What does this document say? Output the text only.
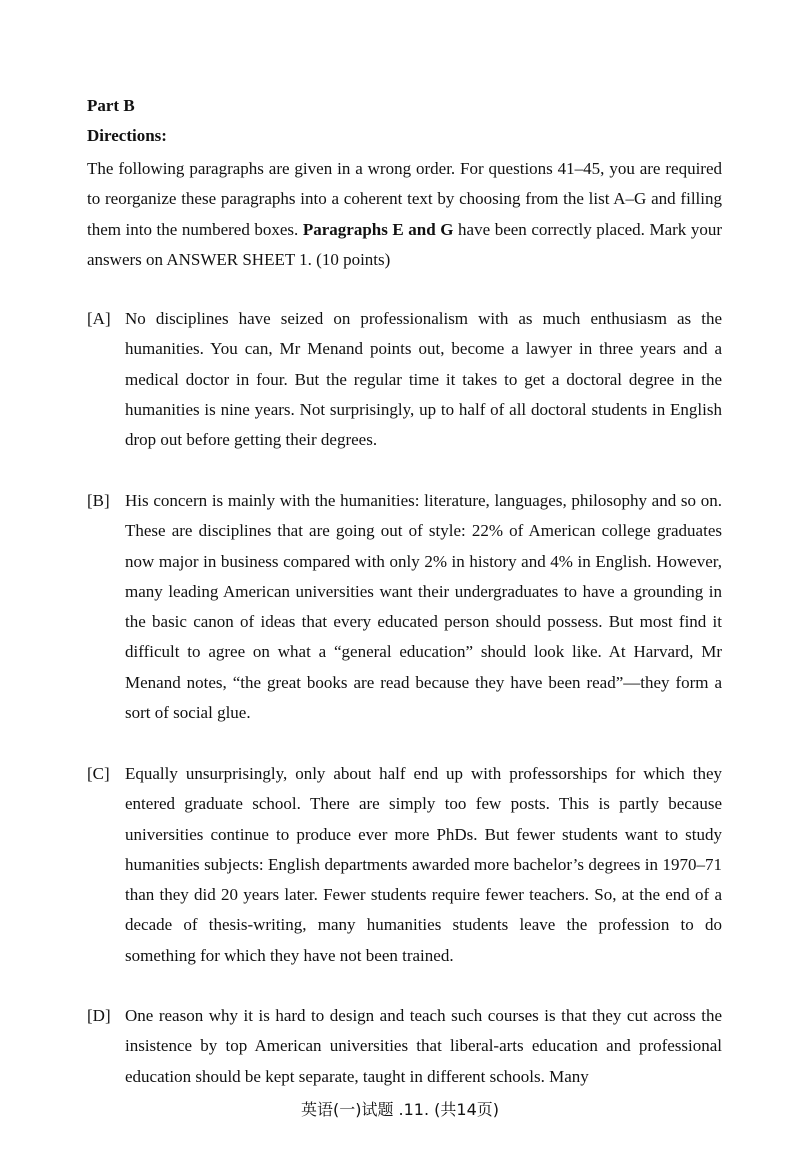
Part B
Directions:
The following paragraphs are given in a wrong order. For questions 41–45, you are required to reorganize these paragraphs into a coherent text by choosing from the list A–G and filling them into the numbered boxes. Paragraphs E and G have been correctly placed. Mark your answers on ANSWER SHEET 1. (10 points)
[A] No disciplines have seized on professionalism with as much enthusiasm as the humanities. You can, Mr Menand points out, become a lawyer in three years and a medical doctor in four. But the regular time it takes to get a doctoral degree in the humanities is nine years. Not surprisingly, up to half of all doctoral students in English drop out before getting their degrees.
[B] His concern is mainly with the humanities: literature, languages, philosophy and so on. These are disciplines that are going out of style: 22% of American college graduates now major in business compared with only 2% in history and 4% in English. However, many leading American universities want their undergraduates to have a grounding in the basic canon of ideas that every educated person should possess. But most find it difficult to agree on what a “general education” should look like. At Harvard, Mr Menand notes, “the great books are read because they have been read”—they form a sort of social glue.
[C] Equally unsurprisingly, only about half end up with professorships for which they entered graduate school. There are simply too few posts. This is partly because universities continue to produce ever more PhDs. But fewer students want to study humanities subjects: English departments awarded more bachelor’s degrees in 1970–71 than they did 20 years later. Fewer students require fewer teachers. So, at the end of a decade of thesis-writing, many humanities students leave the profession to do something for which they have not been trained.
[D] One reason why it is hard to design and teach such courses is that they cut across the insistence by top American universities that liberal-arts education and professional education should be kept separate, taught in different schools. Many
英语(一)试题 .11. (共14页)
